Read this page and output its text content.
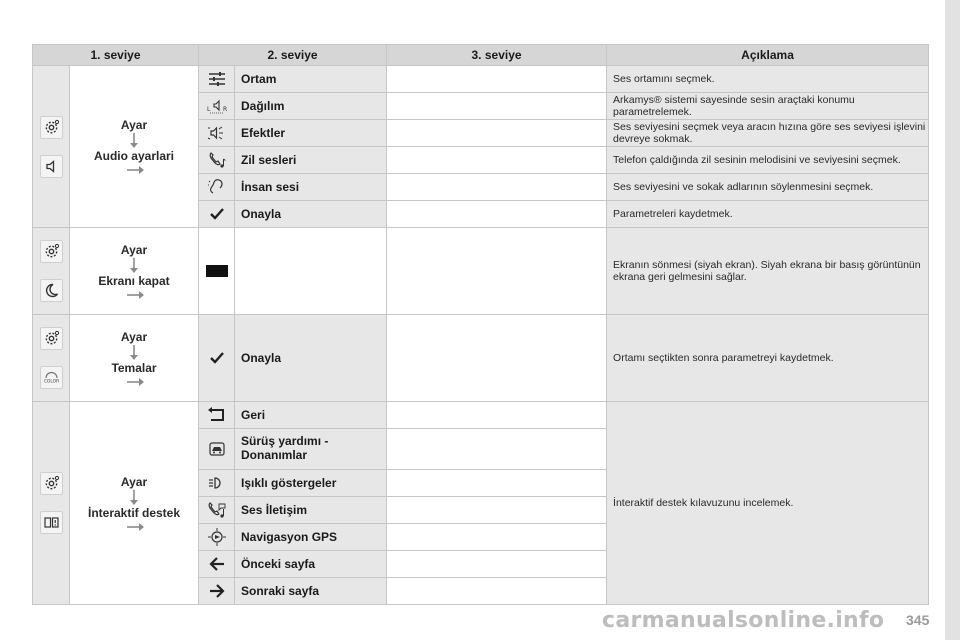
1. seviye		2. seviye		3. seviye	Açıklama

Ayar
Audio ayarlari		Ortam		Ses ortamını seçmek.

L R	Dağılım		Arkamys® sistemi sayesinde sesin araçtaki konumu parametrelemek.
	Efektler		Ses seviyesini seçmek veya aracın hızına göre ses seviyesi işlevini devreye sokmak.
	Zil sesleri		Telefon çaldığında zil sesinin melodisini ve seviyesini seçmek.
	İnsan sesi		Ses seviyesini ve sokak adlarının söylenmesini seçmek.
	Onayla		Parametreleri kaydetmek.

Ayar
Ekranı kapat				Ekranın sönmesi (siyah ekran). Siyah ekrana bir basış görüntünün ekrana geri gelmesini sağlar.

COLOR	Ayar
Temalar		Onayla		Ortamı seçtikten sonra parametreyi kaydetmek.

Ayar
İnteraktif destek		Geri		İnteraktif destek kılavuzunu incelemek.
	Sürüş yardımı - Donanımlar		
	Işıklı göstergeler		
	Ses İletişim		
	Navigasyon GPS		
	Önceki sayfa		
	Sonraki sayfa		
carmanualsonline.info 345
